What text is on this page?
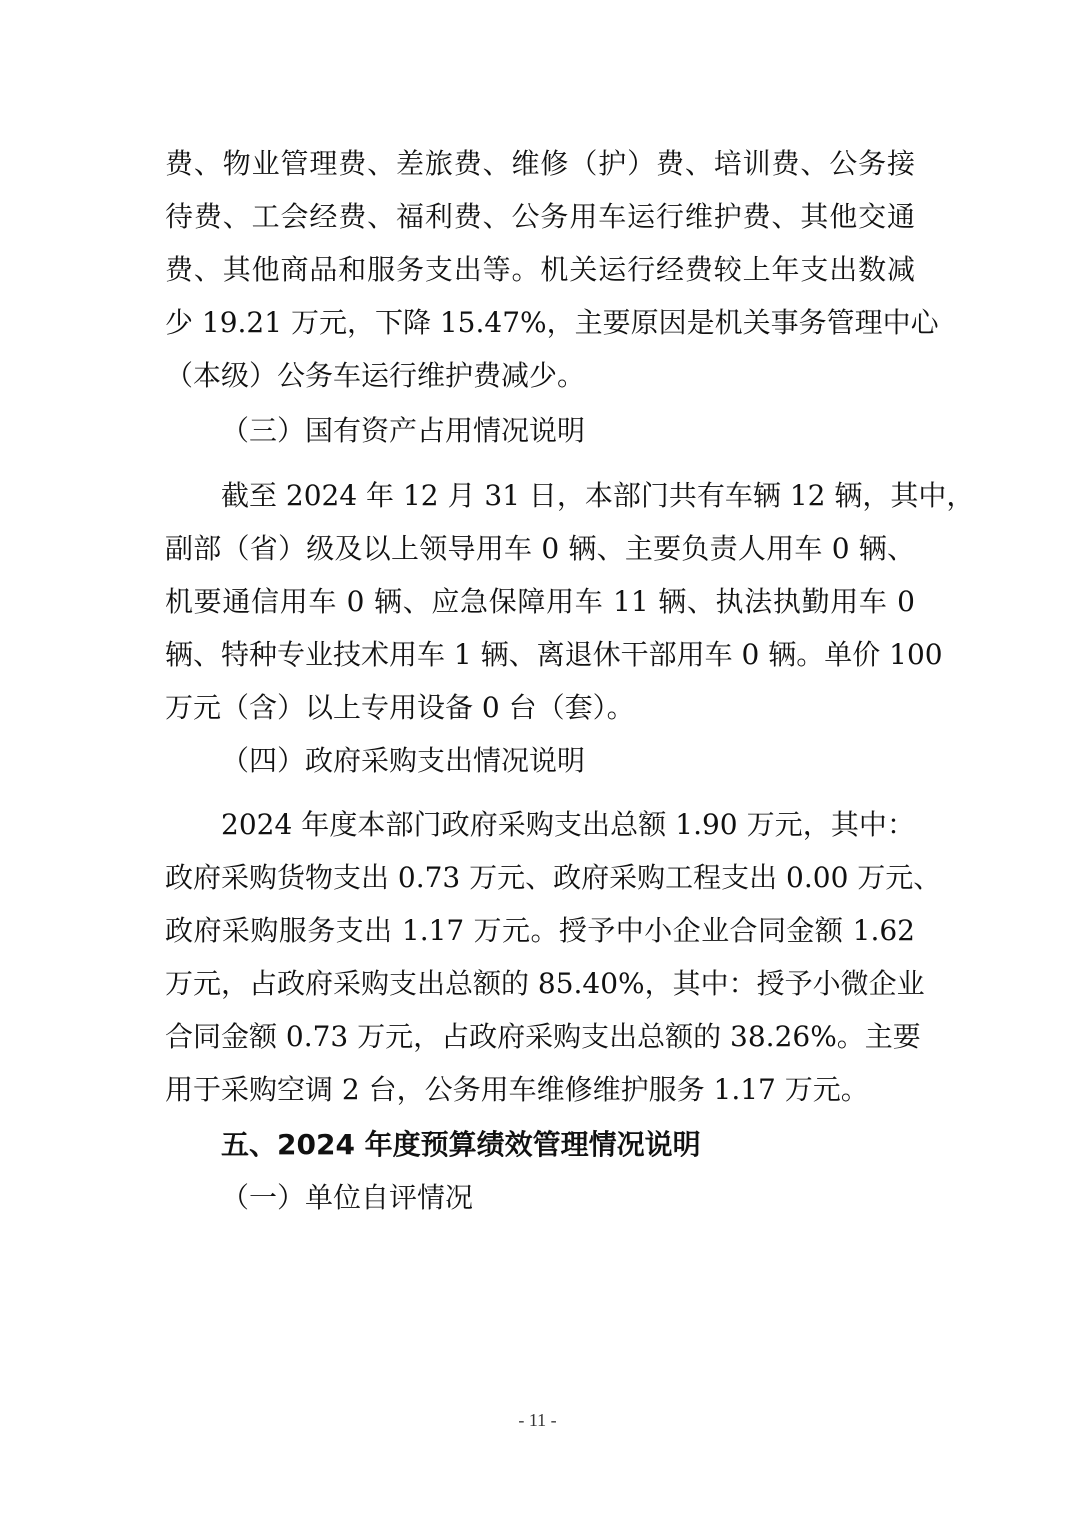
费、物业管理费、差旅费、维修（护）费、培训费、公务接
待费、工会经费、福利费、公务用车运行维护费、其他交通
费、其他商品和服务支出等。机关运行经费较上年支出数减
少 19.21 万元，下降 15.47%，主要原因是机关事务管理中心
（本级）公务车运行维护费减少。
（三）国有资产占用情况说明
截至 2024 年 12 月 31 日，本部门共有车辆 12 辆，其中，
副部（省）级及以上领导用车 0 辆、主要负责人用车 0 辆、
机要通信用车 0 辆、应急保障用车 11 辆、执法执勤用车 0
辆、特种专业技术用车 1 辆、离退休干部用车 0 辆。单价 100
万元（含）以上专用设备 0 台（套）。
（四）政府采购支出情况说明
2024 年度本部门政府采购支出总额 1.90 万元，其中：
政府采购货物支出 0.73 万元、政府采购工程支出 0.00 万元、
政府采购服务支出 1.17 万元。授予中小企业合同金额 1.62
万元，占政府采购支出总额的 85.40%，其中：授予小微企业
合同金额 0.73 万元，占政府采购支出总额的 38.26%。主要
用于采购空调 2 台，公务用车维修维护服务 1.17 万元。
五、2024 年度预算绩效管理情况说明
（一）单位自评情况
- 11 -
